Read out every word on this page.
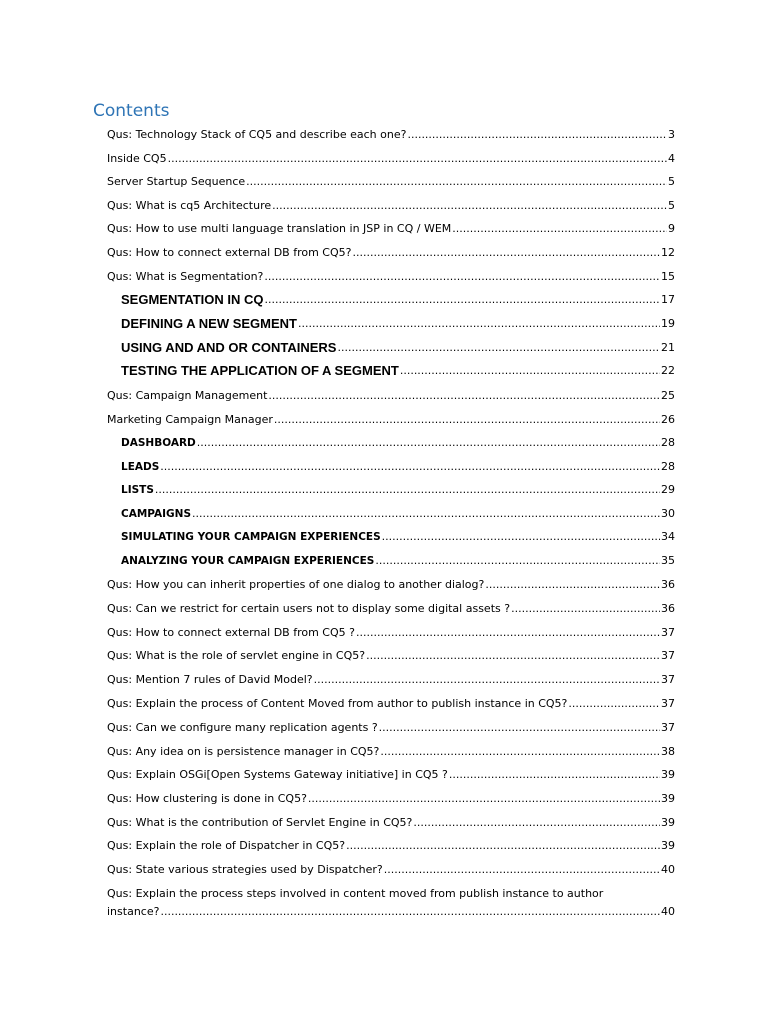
Contents
Qus: Technology Stack of CQ5 and describe each one? .....	3
Inside CQ5 .....	4
Server Startup Sequence .....	5
Qus: What is cq5 Architecture .....	5
Qus: How to use multi language translation in JSP in CQ / WEM .....	9
Qus: How to connect external DB from CQ5? .....	12
Qus: What is Segmentation? .....	15
SEGMENTATION IN CQ .....	17
DEFINING A NEW SEGMENT .....	19
USING AND AND OR CONTAINERS .....	21
TESTING THE APPLICATION OF A SEGMENT .....	22
Qus: Campaign Management .....	25
Marketing Campaign Manager .....	26
DASHBOARD .....	28
LEADS .....	28
LISTS .....	29
CAMPAIGNS .....	30
SIMULATING YOUR CAMPAIGN EXPERIENCES .....	34
ANALYZING YOUR CAMPAIGN EXPERIENCES .....	35
Qus: How you can inherit properties of one dialog to another dialog? .....	36
Qus: Can we restrict for certain users not to display some digital assets ? .....	36
Qus: How to connect external DB from CQ5 ? .....	37
Qus: What is the role of servlet engine in CQ5? .....	37
Qus: Mention 7 rules of David Model? .....	37
Qus: Explain the process of Content Moved from author to publish instance in CQ5? .....	37
Qus: Can we configure many replication agents ? .....	37
Qus: Any idea on is persistence manager in CQ5? .....	38
Qus: Explain OSGi[Open Systems Gateway initiative] in CQ5 ? .....	39
Qus: How clustering is done in CQ5? .....	39
Qus: What is the contribution of Servlet Engine in CQ5? .....	39
Qus: Explain the role of Dispatcher in CQ5? .....	39
Qus: State various strategies used by Dispatcher? .....	40
Qus: Explain the process steps involved in content moved from publish instance to author
instance? .....	40
